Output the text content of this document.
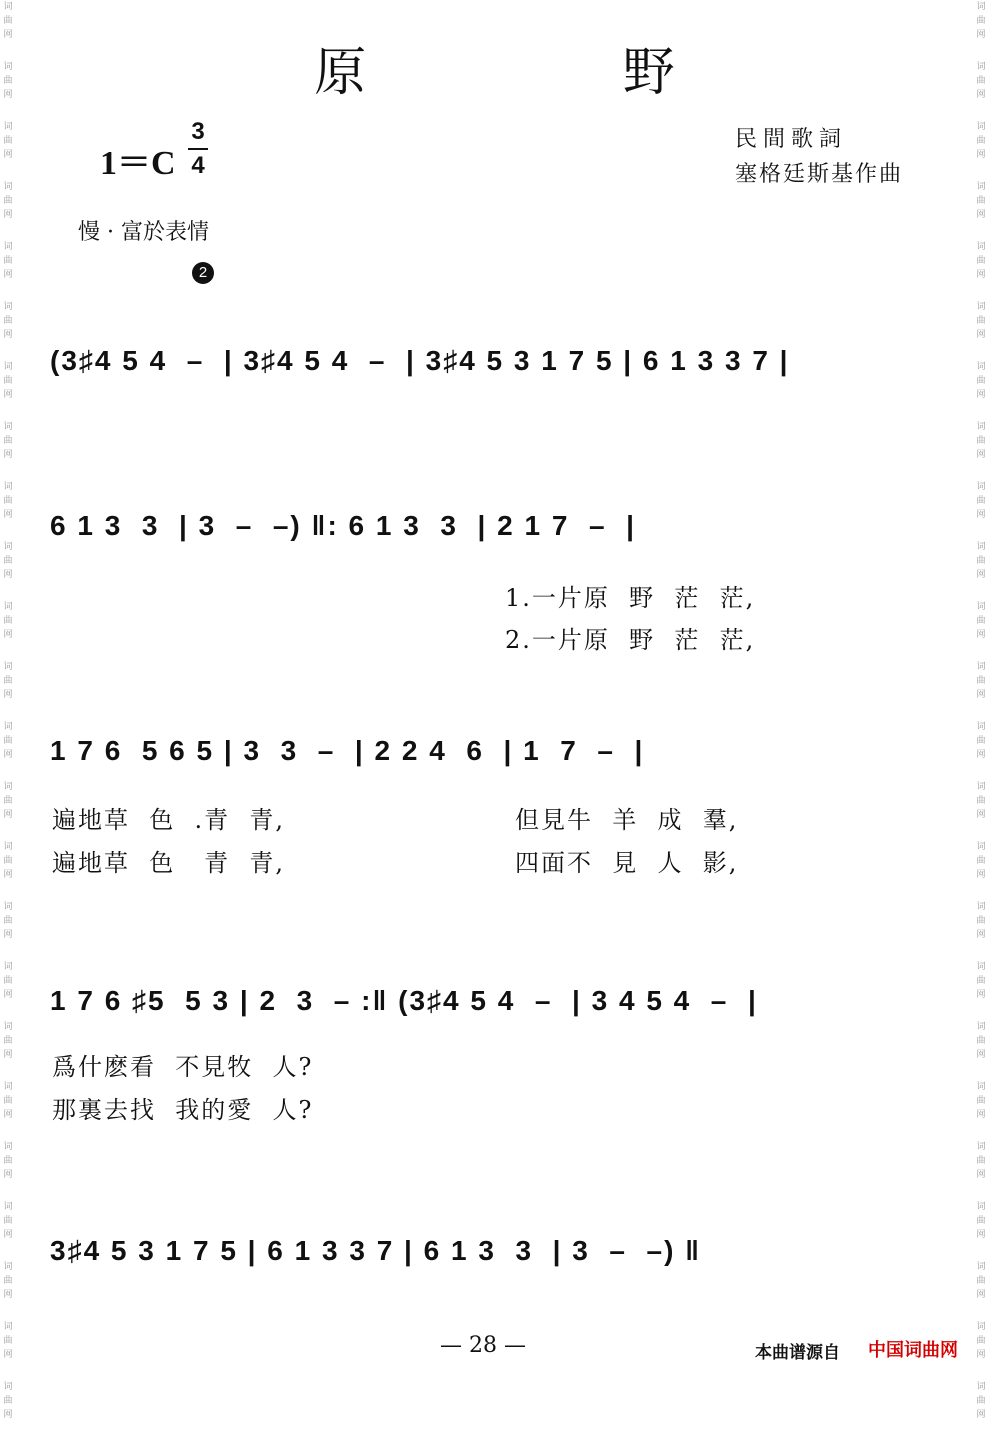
词
曲
网
词
曲
网
词
曲
网
词
曲
网
词
曲
网
词
曲
网
词
曲
网
词
曲
网
词
曲
网
词
曲
网
词
曲
网
词
曲
网
词
曲
网
词
曲
网
词
曲
网
词
曲
网
词
曲
网
词
曲
网
词
曲
网
词
曲
网
词
曲
网
词
曲
网
词
曲
网
词
曲
网
词
曲
网
词
曲
网
词
曲
网
词
曲
网
词
曲
网
词
曲
网
词
曲
网
词
曲
网
词
曲
网
词
曲
网
词
曲
网
词
曲
网
词
曲
网
词
曲
网
词
曲
网
词
曲
网
词
曲
网
词
曲
网
词
曲
网
词
曲
网
词
曲
网
词
曲
网
词
曲
网
词
曲
网
原 野
1＝C
3
4
民間歌詞
塞格廷斯基作曲
慢 · 富於表情
2
(3♯4 5 4  –  | 3♯4 5 4  –  | 3♯4 5 3 1 7 5 | 6 1 3 3 7 |
6 1 3  3  | 3  –  –) ‖: 6 1 3  3  | 2 1 7  –  |
1.一片原  野  茫  茫,
2.一片原  野  茫  茫,
1 7 6  5 6 5 | 3  3  –  | 2 2 4  6  | 1  7  –  |
遍地草  色  .青  青,	但見牛  羊  成  羣,
遍地草  色   青  青,	四面不  見  人  影,
1 7 6 ♯5  5 3 | 2  3  – :‖ (3♯4 5 4  –  | 3 4 5 4  –  |
爲什麽看  不見牧  人?
那裏去找  我的愛  人?
3♯4 5 3 1 7 5 | 6 1 3 3 7 | 6 1 3  3  | 3  –  –) ‖
— 28 —	本曲谱源自 中国词曲网
